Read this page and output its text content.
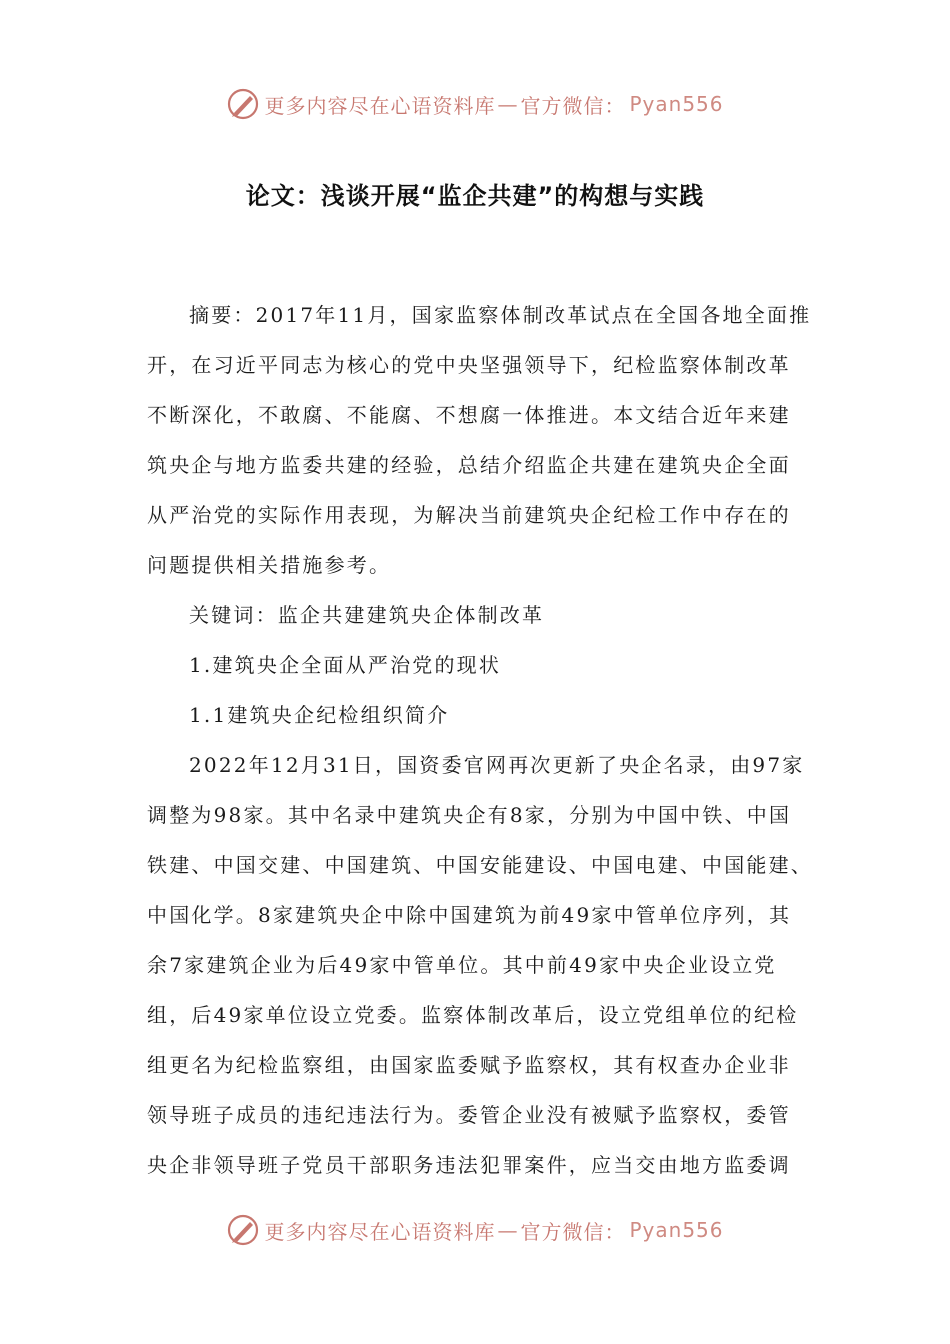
更多内容尽在心语资料库 — 官方微信： Pyan556
论文：浅谈开展“监企共建”的构想与实践

摘要：2017年11月，国家监察体制改革试点在全国各地全面推

开，在习近平同志为核心的党中央坚强领导下，纪检监察体制改革
不断深化，不敢腐、不能腐、不想腐一体推进。本文结合近年来建
筑央企与地方监委共建的经验，总结介绍监企共建在建筑央企全面
从严治党的实际作用表现，为解决当前建筑央企纪检工作中存在的
问题提供相关措施参考。

关键词：监企共建建筑央企体制改革

1.建筑央企全面从严治党的现状

1.1建筑央企纪检组织简介

2022年12月31日，国资委官网再次更新了央企名录，由97家

调整为98家。其中名录中建筑央企有8家，分别为中国中铁、中国
铁建、中国交建、中国建筑、中国安能建设、中国电建、中国能建、
中国化学。8家建筑央企中除中国建筑为前49家中管单位序列，其
余7家建筑企业为后49家中管单位。其中前49家中央企业设立党
组，后49家单位设立党委。监察体制改革后，设立党组单位的纪检
组更名为纪检监察组，由国家监委赋予监察权，其有权查办企业非
领导班子成员的违纪违法行为。委管企业没有被赋予监察权，委管
央企非领导班子党员干部职务违法犯罪案件，应当交由地方监委调

更多内容尽在心语资料库 — 官方微信： Pyan556
